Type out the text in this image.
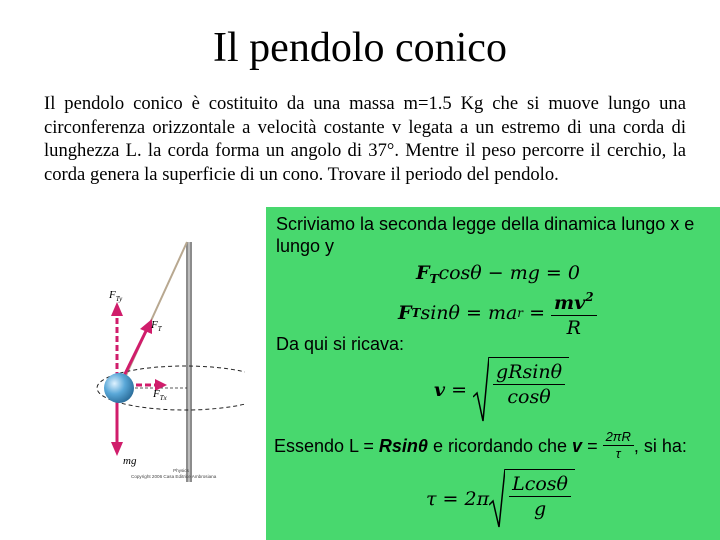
Il pendolo conico
Il pendolo conico è costituito da una massa m=1.5 Kg che si muove lungo una circonferenza orizzontale a velocità costante v legata a un estremo di una corda di lunghezza L. la corda forma un angolo di 37°. Mentre il peso percorre il cerchio, la corda genera la superficie di un cono. Trovare il periodo del pendolo.
$F_{Ty}$
$F_T$
$F_{Tx}$
mg
Physics
Copyright 2006 Casa Editrice Ambrosiana
Scriviamo la seconda legge della dinamica lungo x e lungo y
$F_T\cos\theta$ − mg = 0
F T sinθ = ma $r = \frac{mv^2}{R}$
Da qui si ricava:
$v = \frac{gRsin\theta}{\cos\theta}$
Essendo L = Rsinθ e ricordando che $v = \frac{2\pi R}{\tau}$ , si ha:
$\tau = 2\pi \frac{Lcos\theta}{g}$
